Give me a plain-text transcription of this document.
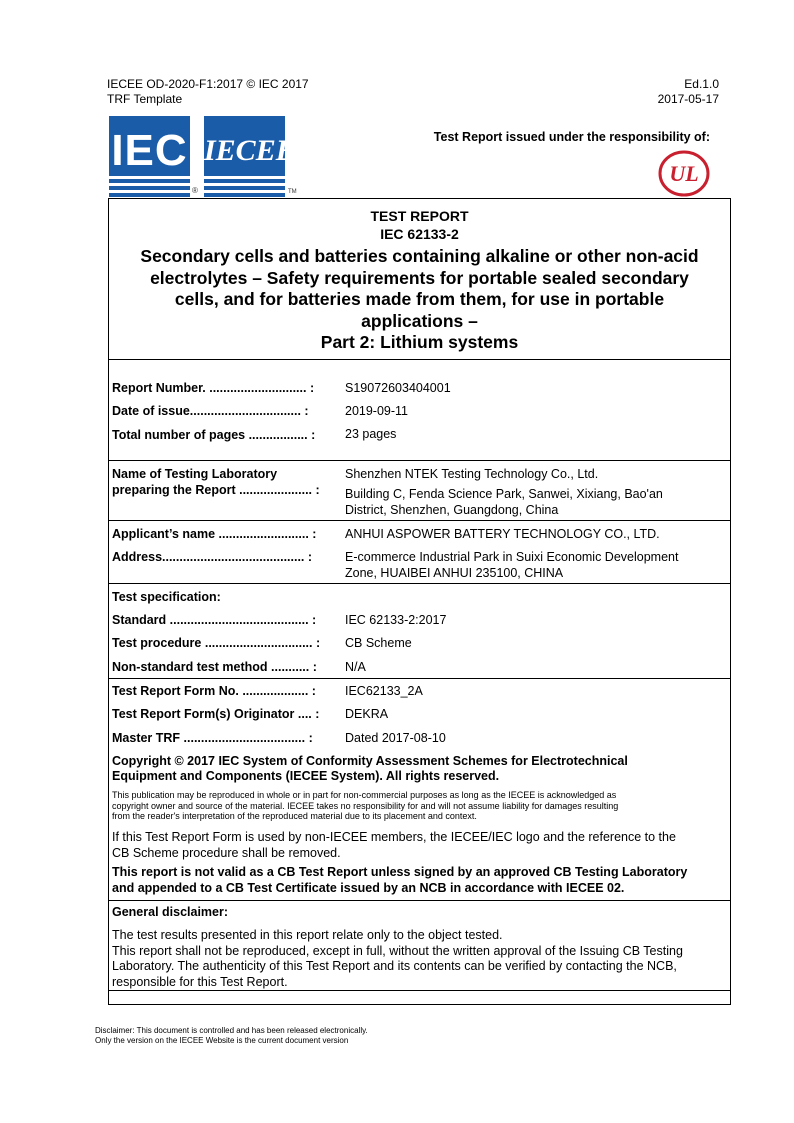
IECEE OD-2020-F1:2017 © IEC 2017
TRF Template
Ed.1.0
2017-05-17
IEC
®
IECEE
TM
Test Report issued under the responsibility of:
UL
TEST REPORT
IEC 62133-2
Secondary cells and batteries containing alkaline or other non-acid
electrolytes – Safety requirements for portable sealed secondary
cells, and for batteries made from them, for use in portable
applications –
Part 2: Lithium systems
Report Number. ............................ : S19072603404001
Date of issue................................ :	2019-09-11
Total number of pages ................. : 23 pages
Name of Testing Laboratory
preparing the Report ..................... :
Shenzhen NTEK Testing Technology Co., Ltd.
Building C, Fenda Science Park, Sanwei, Xixiang, Bao'an
District, Shenzhen, Guangdong, China
Applicant’s name .......................... : ANHUI ASPOWER BATTERY TECHNOLOGY CO., LTD.
Address......................................... :	E-commerce Industrial Park in Suixi Economic Development
Zone, HUAIBEI ANHUI 235100, CHINA
Test specification:
Standard ........................................ : IEC 62133-2:2017
Test procedure ............................... : CB Scheme
Non-standard test method ........... : N/A
Test Report Form No. ................... : IEC62133_2A
Test Report Form(s) Originator .... : DEKRA
Master TRF ................................... :	Dated 2017-08-10
Copyright © 2017 IEC System of Conformity Assessment Schemes for Electrotechnical
Equipment and Components (IECEE System). All rights reserved.
This publication may be reproduced in whole or in part for non-commercial purposes as long as the IECEE is acknowledged as
copyright owner and source of the material. IECEE takes no responsibility for and will not assume liability for damages resulting
from the reader's interpretation of the reproduced material due to its placement and context.
If this Test Report Form is used by non-IECEE members, the IECEE/IEC logo and the reference to the
CB Scheme procedure shall be removed.
This report is not valid as a CB Test Report unless signed by an approved CB Testing Laboratory
and appended to a CB Test Certificate issued by an NCB in accordance with IECEE 02.
General disclaimer:
The test results presented in this report relate only to the object tested.
This report shall not be reproduced, except in full, without the written approval of the Issuing CB Testing
Laboratory. The authenticity of this Test Report and its contents can be verified by contacting the NCB,
responsible for this Test Report.
Disclaimer: This document is controlled and has been released electronically.
Only the version on the IECEE Website is the current document version
